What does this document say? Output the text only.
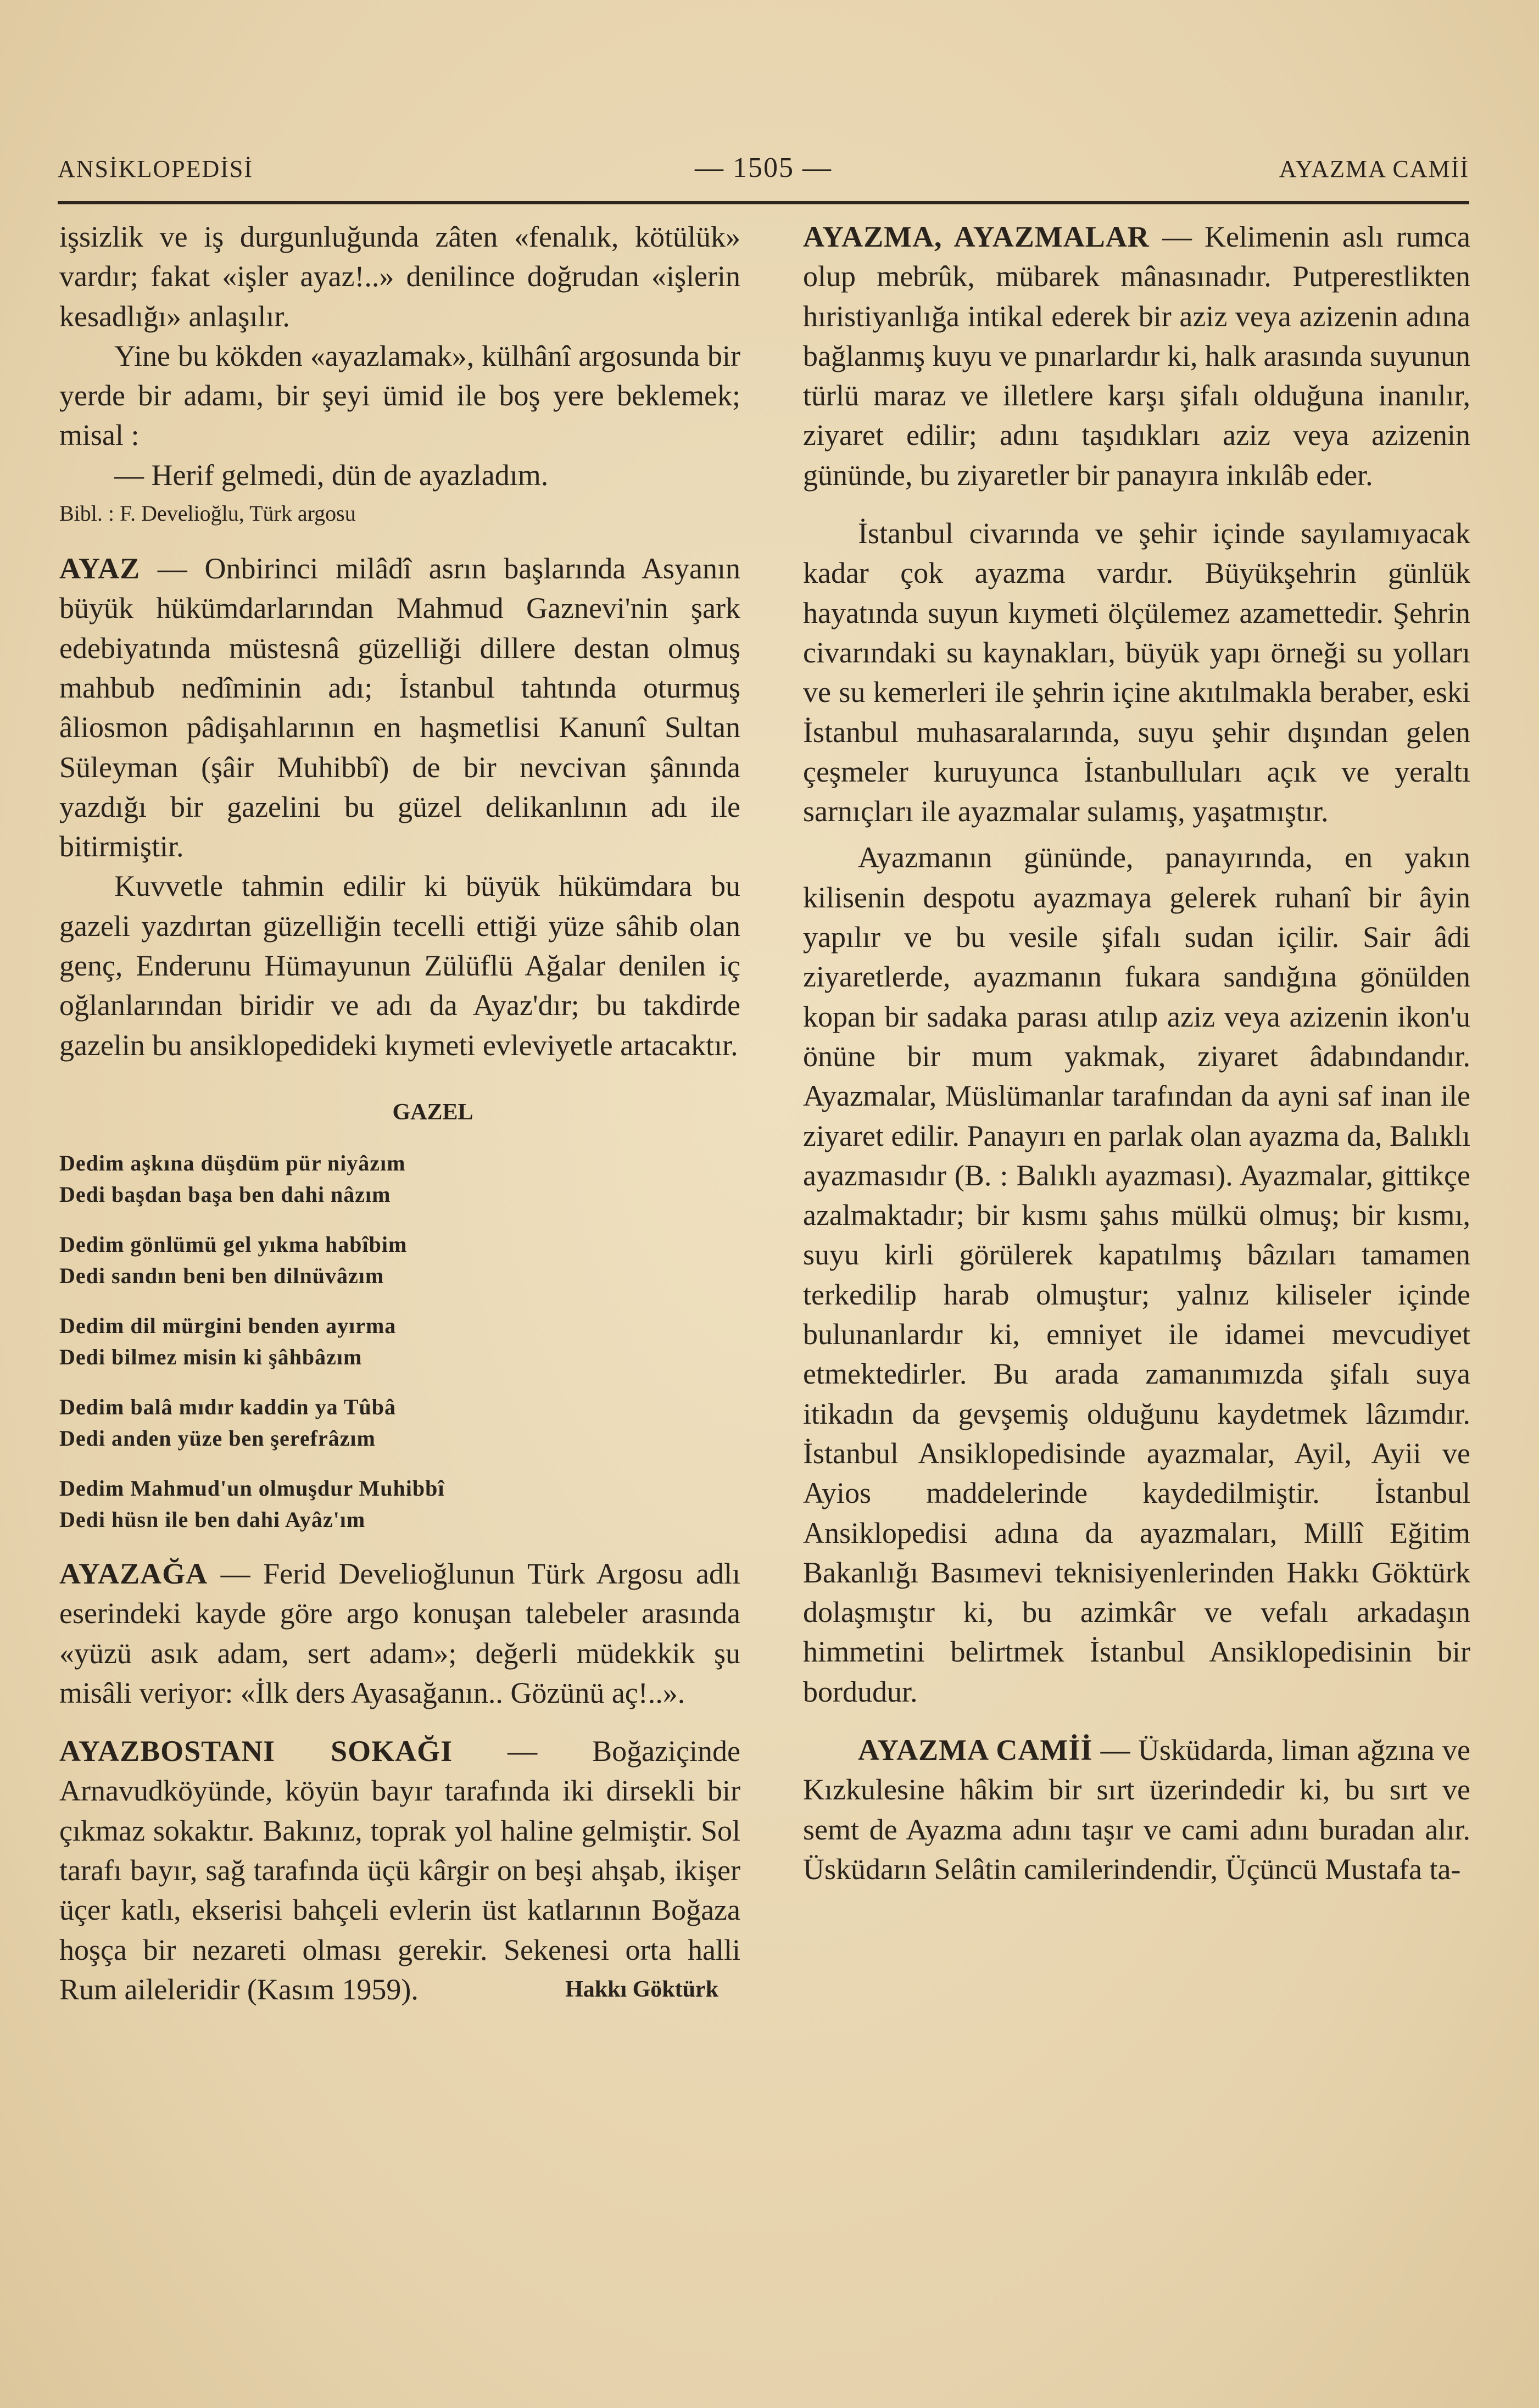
ANSİKLOPEDİSİ	— 1505 —	AYAZMA CAMİİ

işsizlik ve iş durgunluğunda zâten «fenalık, kötülük» vardır; fakat «işler ayaz!..» denilince doğrudan «işlerin kesadlığı» anlaşılır.

Yine bu kökden «ayazlamak», külhânî argosunda bir yerde bir adamı, bir şeyi ümid ile boş yere beklemek; misal :

— Herif gelmedi, dün de ayazladım.

Bibl. : F. Develioğlu, Türk argosu

AYAZ — Onbirinci milâdî asrın başlarında Asyanın büyük hükümdarlarından Mahmud Gaznevi'nin şark edebiyatında müstesnâ güzelliği dillere destan olmuş mahbub nedîminin adı; İstanbul tahtında oturmuş âliosmon pâdişahlarının en haşmetlisi Kanunî Sultan Süleyman (şâir Muhibbî) de bir nevcivan şânında yazdığı bir gazelini bu güzel delikanlının adı ile bitirmiştir.

Kuvvetle tahmin edilir ki büyük hükümdara bu gazeli yazdırtan güzelliğin tecelli ettiği yüze sâhib olan genç, Enderunu Hümayunun Zülüflü Ağalar denilen iç oğlanlarından biridir ve adı da Ayaz'dır; bu takdirde gazelin bu ansiklopedideki kıymeti evleviyetle artacaktır.

GAZEL
Dedim aşkına düşdüm pür niyâzım
Dedi başdan başa ben dahi nâzım
Dedim gönlümü gel yıkma habîbim
Dedi sandın beni ben dilnüvâzım
Dedim dil mürgini benden ayırma
Dedi bilmez misin ki şâhbâzım
Dedim balâ mıdır kaddin ya Tûbâ
Dedi anden yüze ben şerefrâzım
Dedim Mahmud'un olmuşdur Muhibbî
Dedi hüsn ile ben dahi Ayâz'ım

AYAZAĞA — Ferid Develioğlunun Türk Argosu adlı eserindeki kayde göre argo konuşan talebeler arasında «yüzü asık adam, sert adam»; değerli müdekkik şu misâli veriyor: «İlk ders Ayasağanın.. Gözünü aç!..».

AYAZBOSTANI SOKAĞI — Boğaziçinde Arnavudköyünde, köyün bayır tarafında iki dirsekli bir çıkmaz sokaktır. Bakınız, toprak yol haline gelmiştir. Sol tarafı bayır, sağ tarafında üçü kârgir on beşi ahşab, ikişer üçer katlı, ekserisi bahçeli evlerin üst katlarının Boğaza hoşça bir nezareti olması gerekir. Sekenesi orta halli Rum aileleridir (Kasım 1959).	Hakkı Göktürk

AYAZMA, AYAZMALAR — Kelimenin aslı rumca olup mebrûk, mübarek mânasınadır. Putperestlikten hıristiyanlığa intikal ederek bir aziz veya azizenin adına bağlanmış kuyu ve pınarlardır ki, halk arasında suyunun türlü maraz ve illetlere karşı şifalı olduğuna inanılır, ziyaret edilir; adını taşıdıkları aziz veya azizenin gününde, bu ziyaretler bir panayıra inkılâb eder.

İstanbul civarında ve şehir içinde sayılamıyacak kadar çok ayazma vardır. Büyükşehrin günlük hayatında suyun kıymeti ölçülemez azamettedir. Şehrin civarındaki su kaynakları, büyük yapı örneği su yolları ve su kemerleri ile şehrin içine akıtılmakla beraber, eski İstanbul muhasaralarında, suyu şehir dışından gelen çeşmeler kuruyunca İstanbulluları açık ve yeraltı sarnıçları ile ayazmalar sulamış, yaşatmıştır.

Ayazmanın gününde, panayırında, en yakın kilisenin despotu ayazmaya gelerek ruhanî bir âyin yapılır ve bu vesile şifalı sudan içilir. Sair âdi ziyaretlerde, ayazmanın fukara sandığına gönülden kopan bir sadaka parası atılıp aziz veya azizenin ikon'u önüne bir mum yakmak, ziyaret âdabındandır. Ayazmalar, Müslümanlar tarafından da ayni saf inan ile ziyaret edilir. Panayırı en parlak olan ayazma da, Balıklı ayazmasıdır (B. : Balıklı ayazması). Ayazmalar, gittikçe azalmaktadır; bir kısmı şahıs mülkü olmuş; bir kısmı, suyu kirli görülerek kapatılmış bâzıları tamamen terkedilip harab olmuştur; yalnız kiliseler içinde bulunanlardır ki, emniyet ile idamei mevcudiyet etmektedirler. Bu arada zamanımızda şifalı suya itikadın da gevşemiş olduğunu kaydetmek lâzımdır. İstanbul Ansiklopedisinde ayazmalar, Ayil, Ayii ve Ayios maddelerinde kaydedilmiştir. İstanbul Ansiklopedisi adına da ayazmaları, Millî Eğitim Bakanlığı Basımevi teknisiyenlerinden Hakkı Göktürk dolaşmıştır ki, bu azimkâr ve vefalı arkadaşın himmetini belirtmek İstanbul Ansiklopedisinin bir bordudur.

AYAZMA CAMİİ — Üsküdarda, liman ağzına ve Kızkulesine hâkim bir sırt üzerindedir ki, bu sırt ve semt de Ayazma adını taşır ve cami adını buradan alır. Üsküdarın Selâtin camilerindendir, Üçüncü Mustafa ta-
